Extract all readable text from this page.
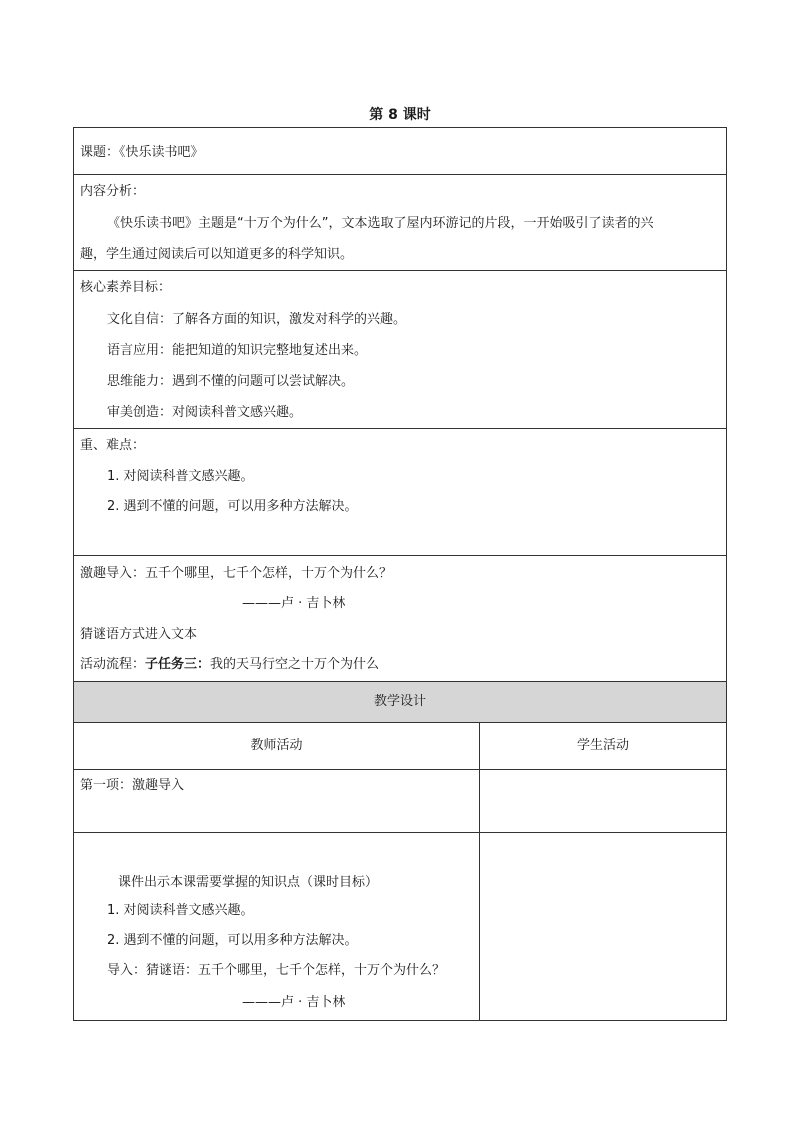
第 8 课时
课题：《快乐读书吧》
内容分析：
《快乐读书吧》主题是“十万个为什么”，文本选取了屋内环游记的片段，一开始吸引了读者的兴
趣，学生通过阅读后可以知道更多的科学知识。
核心素养目标：
文化自信：了解各方面的知识，激发对科学的兴趣。
语言应用：能把知道的知识完整地复述出来。
思维能力：遇到不懂的问题可以尝试解决。
审美创造：对阅读科普文感兴趣。
重、难点：
1. 对阅读科普文感兴趣。
2. 遇到不懂的问题，可以用多种方法解决。
激趣导入：五千个哪里，七千个怎样，十万个为什么？
———卢 · 吉卜林
猜谜语方式进入文本
活动流程：子任务三：我的天马行空之十万个为什么
教学设计
教师活动	学生活动
第一项：激趣导入
课件出示本课需要掌握的知识点（课时目标）
1. 对阅读科普文感兴趣。
2. 遇到不懂的问题，可以用多种方法解决。
导入：猜谜语：五千个哪里，七千个怎样，十万个为什么？
———卢 · 吉卜林
